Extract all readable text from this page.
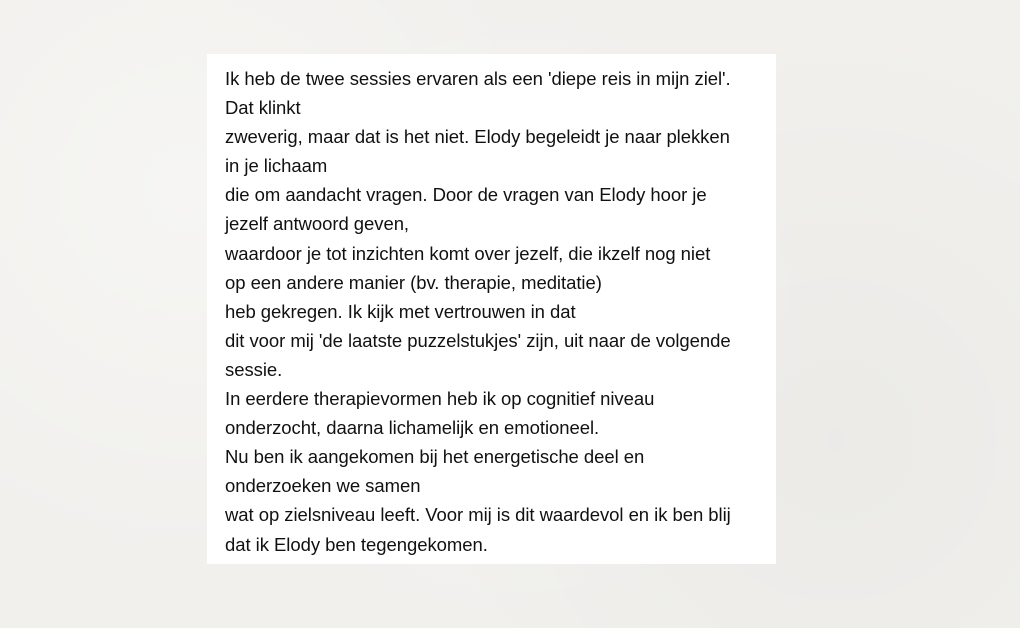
Ik heb de twee sessies ervaren als een 'diepe reis in mijn ziel'.
Dat klinkt
zweverig, maar dat is het niet. Elody begeleidt je naar plekken
in je lichaam
die om aandacht vragen. Door de vragen van Elody hoor je
jezelf antwoord geven,
waardoor je tot inzichten komt over jezelf, die ikzelf nog niet
op een andere manier (bv. therapie, meditatie)
heb gekregen. Ik kijk met vertrouwen in dat
dit voor mij 'de laatste puzzelstukjes' zijn, uit naar de volgende
sessie.
In eerdere therapievormen heb ik op cognitief niveau
onderzocht, daarna lichamelijk en emotioneel.
Nu ben ik aangekomen bij het energetische deel en
onderzoeken we samen
wat op zielsniveau leeft. Voor mij is dit waardevol en ik ben blij
dat ik Elody ben tegengekomen.
